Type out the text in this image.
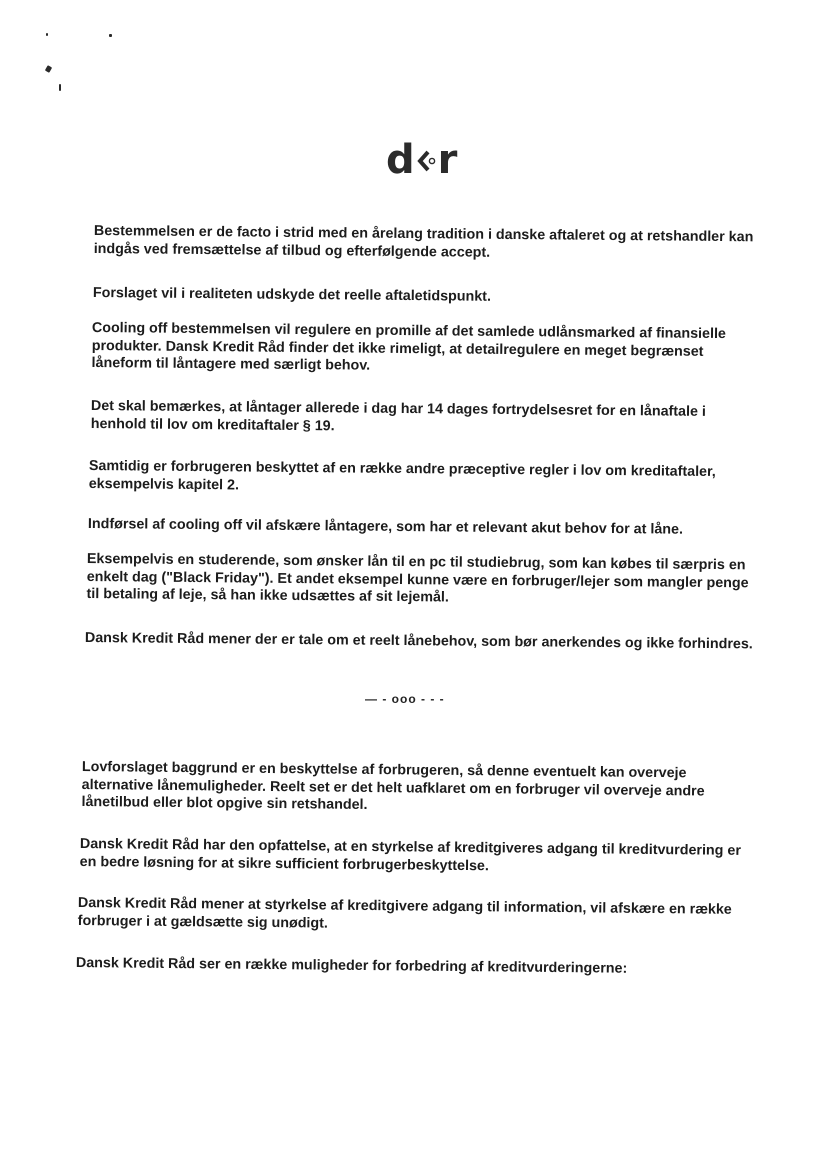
d r

Bestemmelsen er de facto i strid med en årelang tradition i danske aftaleret og at retshandler kan
indgås ved fremsættelse af tilbud og efterfølgende accept.

Forslaget vil i realiteten udskyde det reelle aftaletidspunkt.

Cooling off bestemmelsen vil regulere en promille af det samlede udlånsmarked af finansielle
produkter. Dansk Kredit Råd finder det ikke rimeligt, at detailregulere en meget begrænset
låneform til låntagere med særligt behov.

Det skal bemærkes, at låntager allerede i dag har 14 dages fortrydelsesret for en lånaftale i
henhold til lov om kreditaftaler § 19.

Samtidig er forbrugeren beskyttet af en række andre præceptive regler i lov om kreditaftaler,
eksempelvis kapitel 2.

Indførsel af cooling off vil afskære låntagere, som har et relevant akut behov for at låne.

Eksempelvis en studerende, som ønsker lån til en pc til studiebrug, som kan købes til særpris en
enkelt dag ("Black Friday"). Et andet eksempel kunne være en forbruger/lejer som mangler penge
til betaling af leje, så han ikke udsættes af sit lejemål.

Dansk Kredit Råd mener der er tale om et reelt lånebehov, som bør anerkendes og ikke forhindres.

— - ooo - - -

Lovforslaget baggrund er en beskyttelse af forbrugeren, så denne eventuelt kan overveje
alternative lånemuligheder. Reelt set er det helt uafklaret om en forbruger vil overveje andre
lånetilbud eller blot opgive sin retshandel.

Dansk Kredit Råd har den opfattelse, at en styrkelse af kreditgiveres adgang til kreditvurdering er
en bedre løsning for at sikre sufficient forbrugerbeskyttelse.

Dansk Kredit Råd mener at styrkelse af kreditgivere adgang til information, vil afskære en række
forbruger i at gældsætte sig unødigt.

Dansk Kredit Råd ser en række muligheder for forbedring af kreditvurderingerne:
